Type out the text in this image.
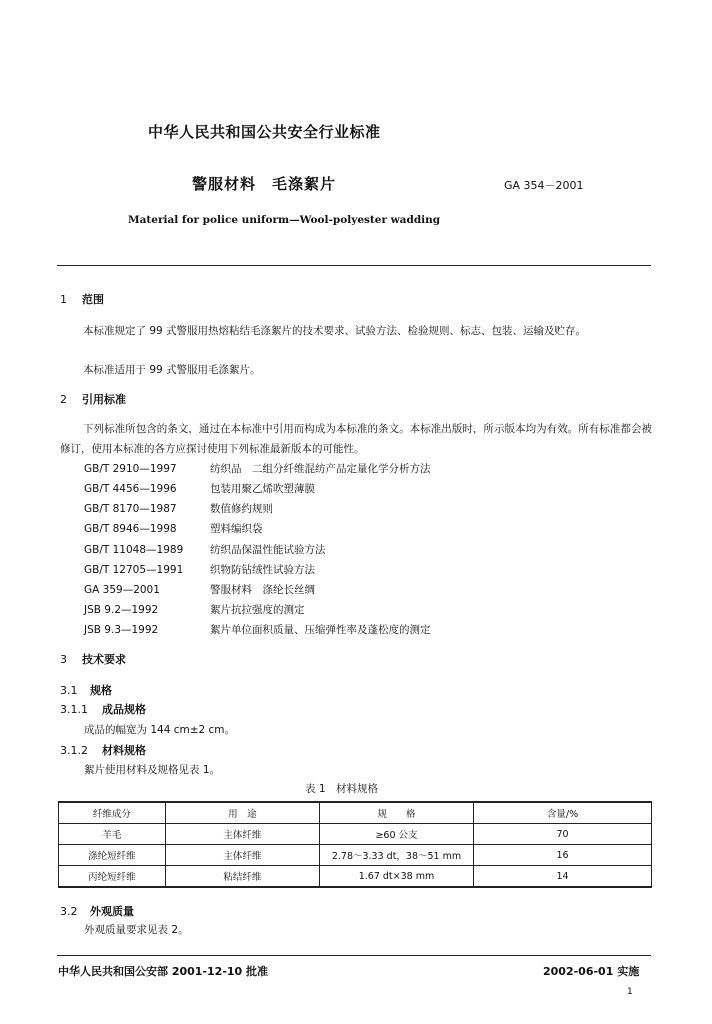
中华人民共和国公共安全行业标准
警服材料　毛涤絮片	GA 354－2001
Material for police uniform—Wool-polyester wadding
1 范围
本标准规定了 99 式警服用热熔粘结毛涤絮片的技术要求、试验方法、检验规则、标志、包装、运输及贮存。
本标准适用于 99 式警服用毛涤絮片。
2 引用标准
下列标准所包含的条文，通过在本标准中引用而构成为本标准的条文。本标准出版时，所示版本均为有效。所有标准都会被修订，使用本标准的各方应探讨使用下列标准最新版本的可能性。
GB/T 2910—1997	纺织品　二组分纤维混纺产品定量化学分析方法
GB/T 4456—1996	包装用聚乙烯吹塑薄膜
GB/T 8170—1987	数值修约规则
GB/T 8946—1998	塑料编织袋
GB/T 11048—1989	纺织品保温性能试验方法
GB/T 12705—1991	织物防钻绒性试验方法
GA 359—2001	警服材料　涤纶长丝绸
JSB 9.2—1992	絮片抗拉强度的测定
JSB 9.3—1992	絮片单位面积质量、压缩弹性率及蓬松度的测定
3 技术要求
3.1 规格
3.1.1 成品规格
成品的幅宽为 144 cm±2 cm。
3.1.2 材料规格
絮片使用材料及规格见表 1。
表 1　材料规格
纤维成分	用　途	规　　格	含量/%
羊毛	主体纤维	≥60 公支	70
涤纶短纤维	主体纤维	2.78～3.33 dt，38～51 mm	16
丙纶短纤维	粘结纤维	1.67 dt×38 mm	14
3.2 外观质量
外观质量要求见表 2。
中华人民共和国公安部 2001-12-10 批准	2002-06-01 实施
1
